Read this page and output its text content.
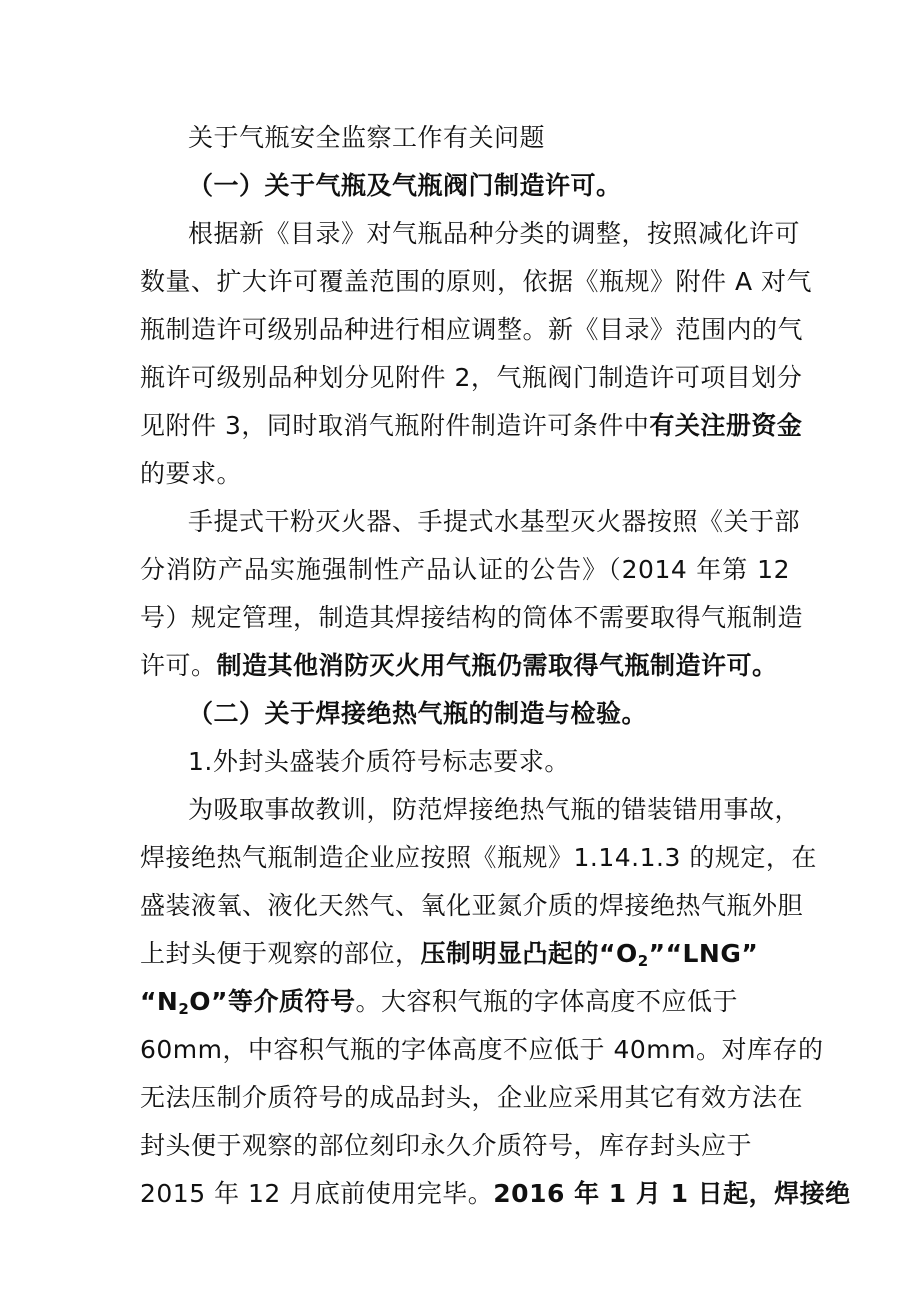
关于气瓶安全监察工作有关问题
（一）关于气瓶及气瓶阀门制造许可。
根据新《目录》对气瓶品种分类的调整，按照减化许可
数量、扩大许可覆盖范围的原则，依据《瓶规》附件 A 对气
瓶制造许可级别品种进行相应调整。新《目录》范围内的气
瓶许可级别品种划分见附件 2，气瓶阀门制造许可项目划分
见附件 3，同时取消气瓶附件制造许可条件中有关注册资金
的要求。
手提式干粉灭火器、手提式水基型灭火器按照《关于部
分消防产品实施强制性产品认证的公告》（2014 年第 12
号）规定管理，制造其焊接结构的筒体不需要取得气瓶制造
许可。制造其他消防灭火用气瓶仍需取得气瓶制造许可。
（二）关于焊接绝热气瓶的制造与检验。
1.外封头盛装介质符号标志要求。
为吸取事故教训，防范焊接绝热气瓶的错装错用事故，
焊接绝热气瓶制造企业应按照《瓶规》1.14.1.3 的规定，在
盛装液氧、液化天然气、氧化亚氮介质的焊接绝热气瓶外胆
上封头便于观察的部位，压制明显凸起的“$O_2”“LNG$”
“$N_2O$”等介质符号。大容积气瓶的字体高度不应低于
60mm，中容积气瓶的字体高度不应低于 40mm。对库存的
无法压制介质符号的成品封头，企业应采用其它有效方法在
封头便于观察的部位刻印永久介质符号，库存封头应于
2015 年 12 月底前使用完毕。2016 年 1 月 1 日起，焊接绝
